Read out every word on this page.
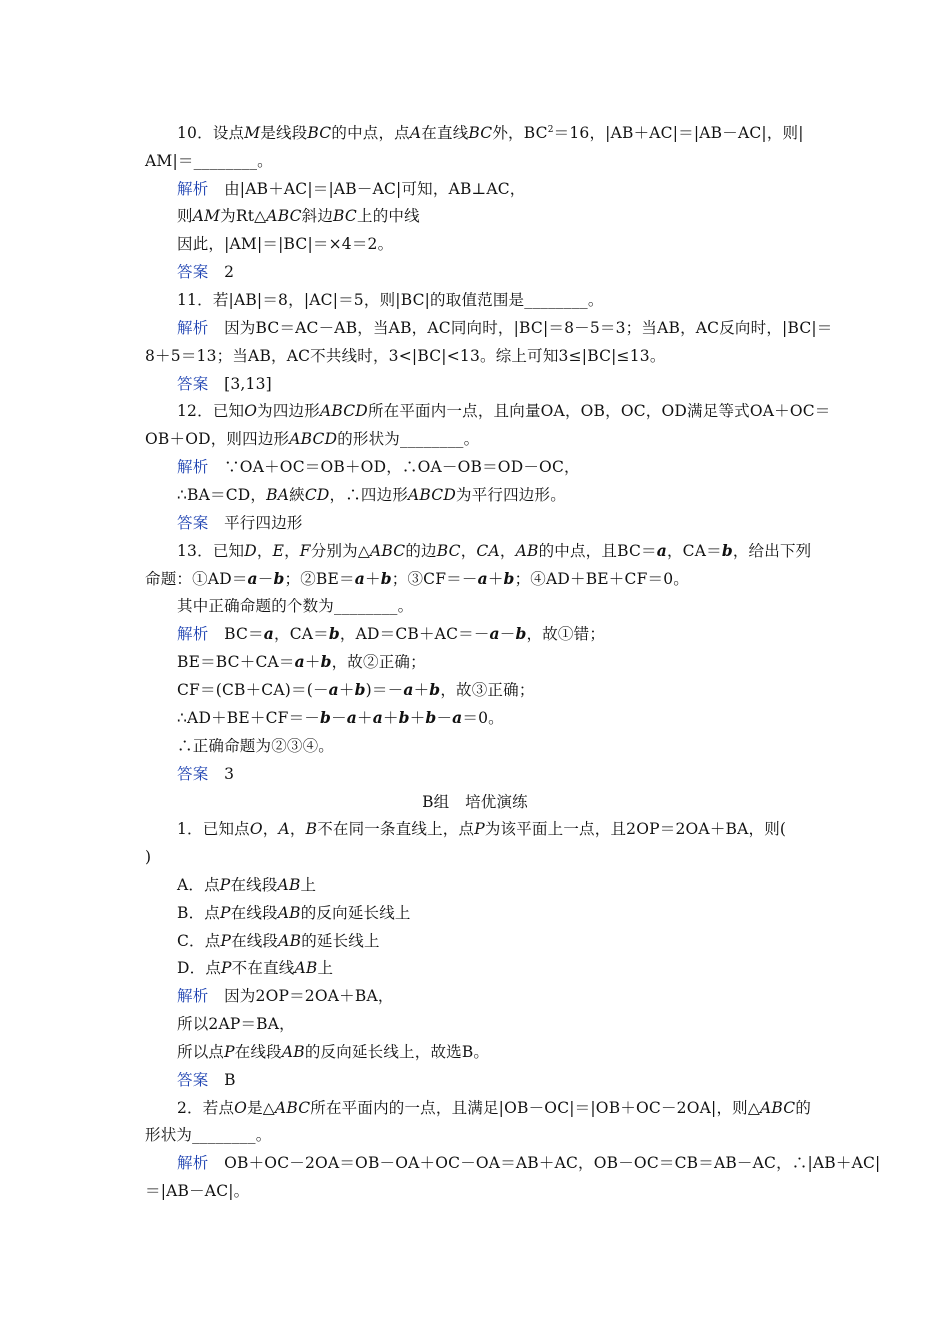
10．设点M是线段BC的中点，点A在直线BC外，$BC^2=16$，|AB＋AC|＝|AB－AC|，则|
AM|＝________。
解析　由|AB＋AC|＝|AB－AC|可知，AB⊥AC，
则AM为Rt△ABC斜边BC上的中线
因此，|AM|＝|BC|＝×4＝2。
答案　2
11．若|AB|＝8，|AC|＝5，则|BC|的取值范围是________。
解析　因为BC＝AC－AB，当AB，AC同向时，|BC|＝8－5＝3；当AB，AC反向时，|BC|＝
8＋5＝13；当AB，AC不共线时，3<|BC|<13。综上可知3≤|BC|≤13。
答案　[3,13]
12．已知O为四边形ABCD所在平面内一点，且向量OA，OB，OC，OD满足等式OA＋OC＝
OB＋OD，则四边形ABCD的形状为________。
解析　∵OA＋OC＝OB＋OD，∴OA－OB＝OD－OC，
∴BA＝CD，BA綊CD，∴四边形ABCD为平行四边形。
答案　平行四边形
13．已知D，E，F分别为△ABC的边BC，CA，AB的中点，且BC＝a，CA＝b，给出下列
命题：①AD＝a－b；②BE＝a＋b；③CF＝－a＋b；④AD＋BE＋CF＝0。
其中正确命题的个数为________。
解析　BC＝a，CA＝b，AD＝CB＋AC＝－a－b，故①错；
BE＝BC＋CA＝a＋b，故②正确；
CF＝(CB＋CA)＝(－a＋b)＝－a＋b，故③正确；
∴AD＋BE＋CF＝－b－a＋a＋b＋b－a＝0。
∴正确命题为②③④。
答案　3
B组　培优演练
1．已知点O，A，B不在同一条直线上，点P为该平面上一点，且2OP＝2OA＋BA，则(
)
A．点P在线段AB上
B．点P在线段AB的反向延长线上
C．点P在线段AB的延长线上
D．点P不在直线AB上
解析　因为2OP＝2OA＋BA，
所以2AP＝BA，
所以点P在线段AB的反向延长线上，故选B。
答案　B
2．若点O是△ABC所在平面内的一点，且满足|OB－OC|＝|OB＋OC－2OA|，则△ABC的
形状为________。
解析　OB＋OC－2OA＝OB－OA＋OC－OA＝AB＋AC，OB－OC＝CB＝AB－AC，∴|AB＋AC|
＝|AB－AC|。
